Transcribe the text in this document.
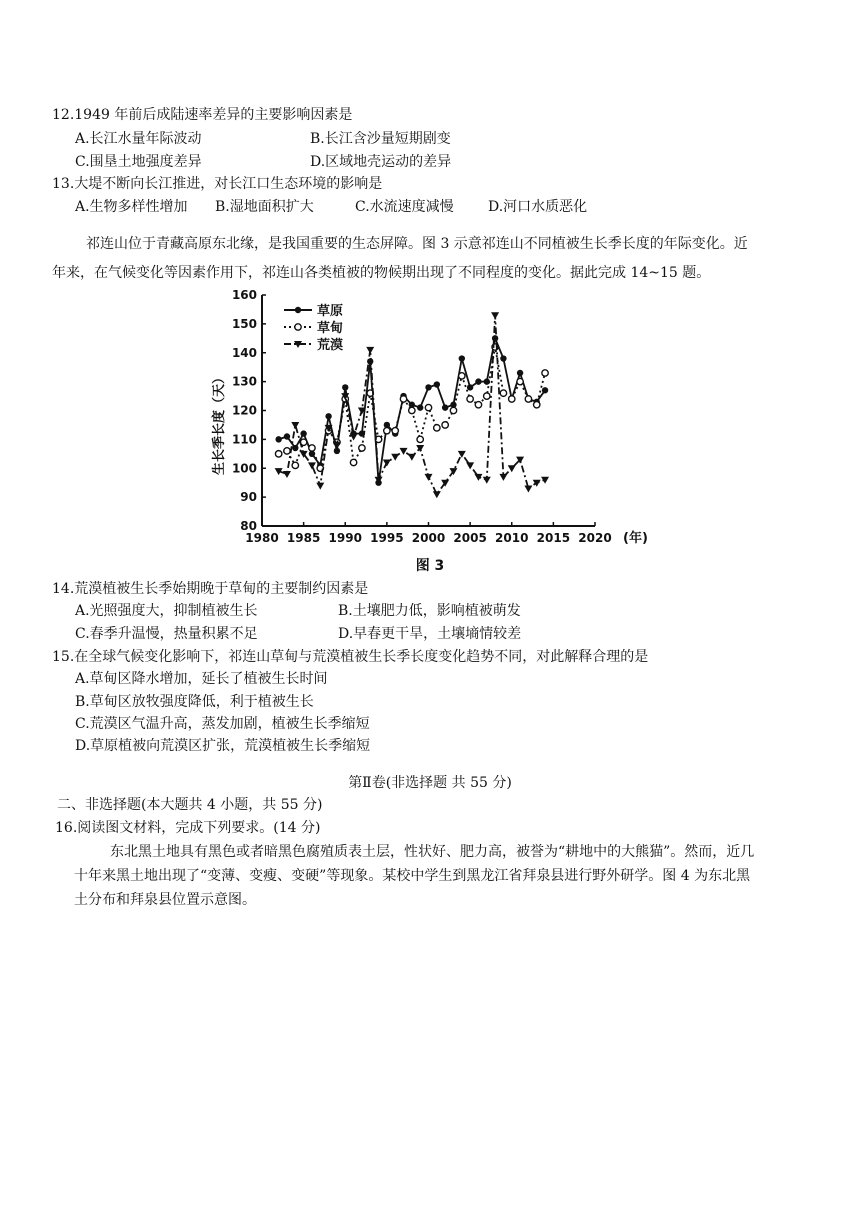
12.1949 年前后成陆速率差异的主要影响因素是
A.长江水量年际波动	B.长江含沙量短期剧变
C.围垦土地强度差异	D.区域地壳运动的差异
13.大堤不断向长江推进，对长江口生态环境的影响是
A.生物多样性增加 B.湿地面积扩大	C.水流速度减慢 D.河口水质恶化
祁连山位于青藏高原东北缘，是我国重要的生态屏障。图 3 示意祁连山不同植被生长季长度的年际变化。近
年来，在气候变化等因素作用下，祁连山各类植被的物候期出现了不同程度的变化。据此完成 14~15 题。
80
90
100
110
120
130
140
150
160
1980 1985 1990 1995 2000 2005 2010 2015 2020
草原
草甸
荒漠
生长季长度（天）
(年)
图 3
14.荒漠植被生长季始期晚于草甸的主要制约因素是
A.光照强度大，抑制植被生长	B.土壤肥力低，影响植被萌发
C.春季升温慢，热量积累不足	D.早春更干旱，土壤墒情较差
15.在全球气候变化影响下，祁连山草甸与荒漠植被生长季长度变化趋势不同，对此解释合理的是
A.草甸区降水增加，延长了植被生长时间
B.草甸区放牧强度降低，利于植被生长
C.荒漠区气温升高，蒸发加剧，植被生长季缩短
D.草原植被向荒漠区扩张，荒漠植被生长季缩短
第Ⅱ卷(非选择题 共 55 分)
二、非选择题(本大题共 4 小题，共 55 分)
16.阅读图文材料，完成下列要求。(14 分)
东北黑土地具有黑色或者暗黑色腐殖质表土层，性状好、肥力高，被誉为“耕地中的大熊猫”。然而，近几
十年来黑土地出现了“变薄、变瘦、变硬”等现象。某校中学生到黑龙江省拜泉县进行野外研学。图 4 为东北黑
土分布和拜泉县位置示意图。
